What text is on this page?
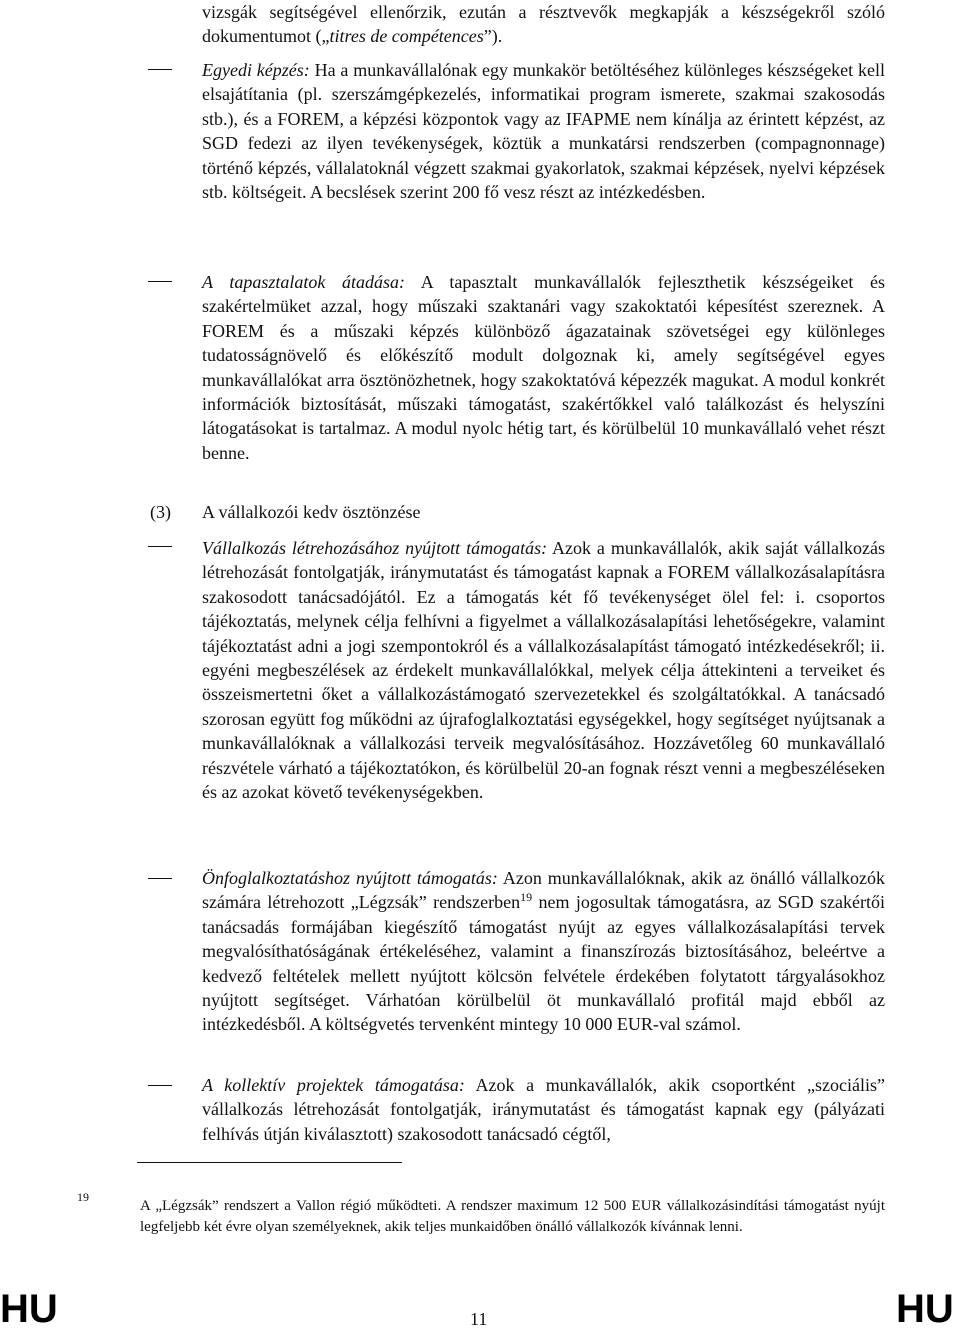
vizsgák segítségével ellenőrzik, ezután a résztvevők megkapják a készségekről szóló dokumentumot („titres de compétences”).
Egyedi képzés: Ha a munkavállalónak egy munkakör betöltéséhez különleges készségeket kell elsajátítania (pl. szerszámgépkezelés, informatikai program ismerete, szakmai szakosodás stb.), és a FOREM, a képzési központok vagy az IFAPME nem kínálja az érintett képzést, az SGD fedezi az ilyen tevékenységek, köztük a munkatársi rendszerben (compagnonnage) történő képzés, vállalatoknál végzett szakmai gyakorlatok, szakmai képzések, nyelvi képzések stb. költségeit. A becslések szerint 200 fő vesz részt az intézkedésben.
A tapasztalatok átadása: A tapasztalt munkavállalók fejleszthetik készségeiket és szakértelmüket azzal, hogy műszaki szaktanári vagy szakoktatói képesítést szereznek. A FOREM és a műszaki képzés különböző ágazatainak szövetségei egy különleges tudatosságnövelő és előkészítő modult dolgoznak ki, amely segítségével egyes munkavállalókat arra ösztönözhetnek, hogy szakoktatóvá képezzék magukat. A modul konkrét információk biztosítását, műszaki támogatást, szakértőkkel való találkozást és helyszíni látogatásokat is tartalmaz. A modul nyolc hétig tart, és körülbelül 10 munkavállaló vehet részt benne.
(3) A vállalkozói kedv ösztönzése
Vállalkozás létrehozásához nyújtott támogatás: Azok a munkavállalók, akik saját vállalkozás létrehozását fontolgatják, iránymutatást és támogatást kapnak a FOREM vállalkozásalapításra szakosodott tanácsadójától. Ez a támogatás két fő tevékenységet ölel fel: i. csoportos tájékoztatás, melynek célja felhívni a figyelmet a vállalkozásalapítási lehetőségekre, valamint tájékoztatást adni a jogi szempontokról és a vállalkozásalapítást támogató intézkedésekről; ii. egyéni megbeszélések az érdekelt munkavállalókkal, melyek célja áttekinteni a terveiket és összeismertetni őket a vállalkozástámogató szervezetekkel és szolgáltatókkal. A tanácsadó szorosan együtt fog működni az újrafoglalkoztatási egységekkel, hogy segítséget nyújtsanak a munkavállalóknak a vállalkozási terveik megvalósításához. Hozzávetőleg 60 munkavállaló részvétele várható a tájékoztatókon, és körülbelül 20-an fognak részt venni a megbeszéléseken és az azokat követő tevékenységekben.
Önfoglalkoztatáshoz nyújtott támogatás: Azon munkavállalóknak, akik az önálló vállalkozók számára létrehozott „Légzsák” rendszerben$^{19}$ nem jogosultak támogatásra, az SGD szakértői tanácsadás formájában kiegészítő támogatást nyújt az egyes vállalkozásalapítási tervek megvalósíthatóságának értékeléséhez, valamint a finanszírozás biztosításához, beleértve a kedvező feltételek mellett nyújtott kölcsön felvétele érdekében folytatott tárgyalásokhoz nyújtott segítséget. Várhatóan körülbelül öt munkavállaló profitál majd ebből az intézkedésből. A költségvetés tervenként mintegy 10 000 EUR-val számol.
A kollektív projektek támogatása: Azok a munkavállalók, akik csoportként „szociális” vállalkozás létrehozását fontolgatják, iránymutatást és támogatást kapnak egy (pályázati felhívás útján kiválasztott) szakosodott tanácsadó cégtől,
19
A „Légzsák” rendszert a Vallon régió működteti. A rendszer maximum 12 500 EUR vállalkozásindítási támogatást nyújt legfeljebb két évre olyan személyeknek, akik teljes munkaidőben önálló vállalkozók kívánnak lenni.
HU	11	HU
